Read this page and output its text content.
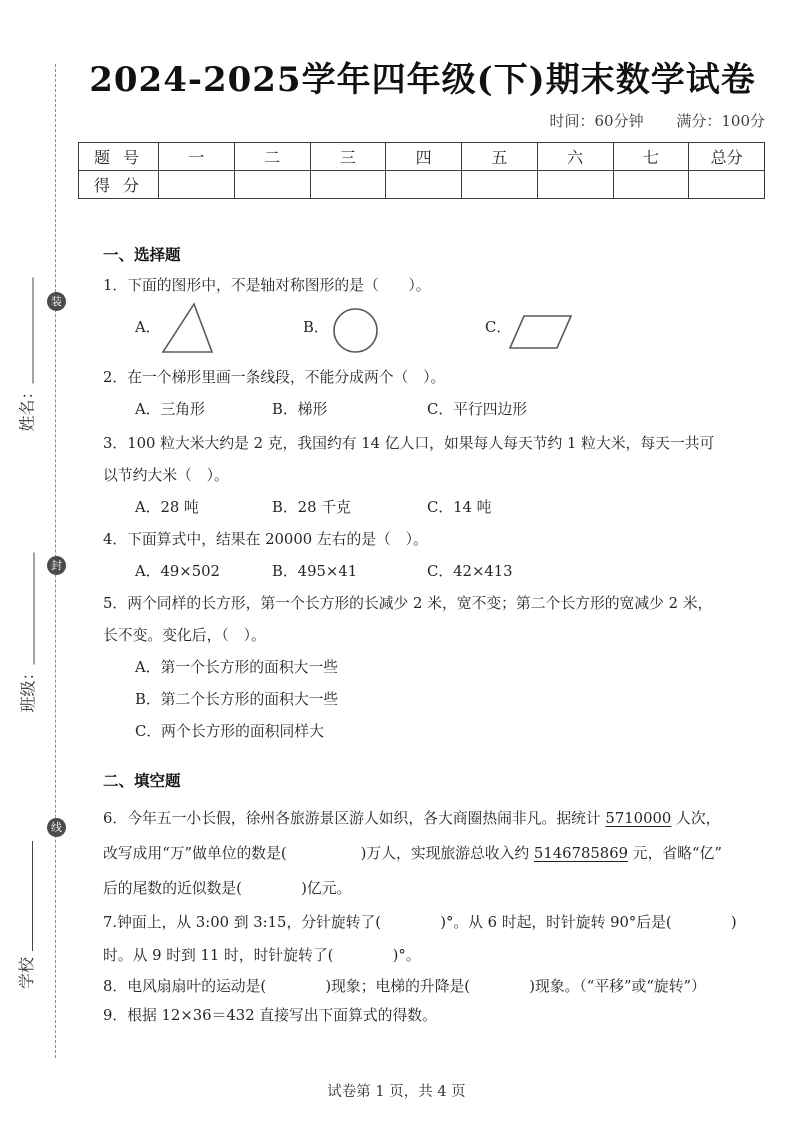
装
封
线
姓名：
班级：
学校
2024-2025学年四年级(下)期末数学试卷
时间：60分钟 满分：100分
题 号	一	二	三	四	五	六	七	总分
得 分								
一、选择题
1．下面的图形中，不是轴对称图形的是（　　）。
A．	B．	C．
2．在一个梯形里画一条线段，不能分成两个（　）。
A．三角形	B．梯形	C．平行四边形
3．100 粒大米大约是 2 克，我国约有 14 亿人口，如果每人每天节约 1 粒大米，每天一共可
以节约大米（　）。
A．28 吨	B．28 千克	C．14 吨
4．下面算式中，结果在 20000 左右的是（　）。
A．49×502	B．495×41	C．42×413
5．两个同样的长方形，第一个长方形的长减少 2 米，宽不变；第二个长方形的宽减少 2 米，
长不变。变化后，（　）。
A．第一个长方形的面积大一些
B．第二个长方形的面积大一些
C．两个长方形的面积同样大
二、填空题
6．今年五一小长假，徐州各旅游景区游人如织，各大商圈热闹非凡。据统计 5710000 人次，
改写成用“万”做单位的数是(　　　　　)万人，实现旅游总收入约 5146785869 元，省略“亿”
后的尾数的近似数是(　　　　)亿元。
7.钟面上，从 3:00 到 3:15，分针旋转了(　　　　)°。从 6 时起，时针旋转 90°后是(　　　　)
时。从 9 时到 11 时，时针旋转了(　　　　)°。
8．电风扇扇叶的运动是(　　　　)现象；电梯的升降是(　　　　)现象。（“平移”或“旋转”）
9．根据 12×36＝432 直接写出下面算式的得数。
试卷第 1 页，共 4 页
